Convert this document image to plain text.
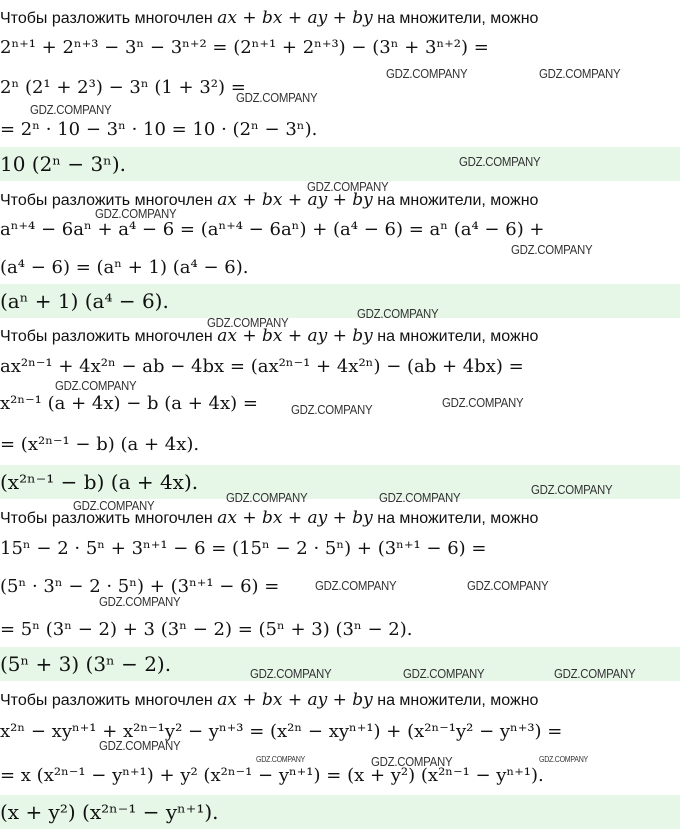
Чтобы разложить многочлен ax + bx + ay + by на множители, можно
2ⁿ⁺¹ + 2ⁿ⁺³ − 3ⁿ − 3ⁿ⁺² = (2ⁿ⁺¹ + 2ⁿ⁺³) − (3ⁿ + 3ⁿ⁺²) =
2ⁿ (2¹ + 2³) − 3ⁿ (1 + 3²) =
= 2ⁿ · 10 − 3ⁿ · 10 = 10 · (2ⁿ − 3ⁿ).
10 (2ⁿ − 3ⁿ).
Чтобы разложить многочлен ax + bx + ay + by на множители, можно
aⁿ⁺⁴ − 6aⁿ + a⁴ − 6 = (aⁿ⁺⁴ − 6aⁿ) + (a⁴ − 6) = aⁿ (a⁴ − 6) +
(a⁴ − 6) = (aⁿ + 1) (a⁴ − 6).
(aⁿ + 1) (a⁴ − 6).
Чтобы разложить многочлен ax + bx + ay + by на множители, можно
ax²ⁿ⁻¹ + 4x²ⁿ − ab − 4bx = (ax²ⁿ⁻¹ + 4x²ⁿ) − (ab + 4bx) =
x²ⁿ⁻¹ (a + 4x) − b (a + 4x) =
= (x²ⁿ⁻¹ − b) (a + 4x).
(x²ⁿ⁻¹ − b) (a + 4x).
Чтобы разложить многочлен ax + bx + ay + by на множители, можно
15ⁿ − 2 · 5ⁿ + 3ⁿ⁺¹ − 6 = (15ⁿ − 2 · 5ⁿ) + (3ⁿ⁺¹ − 6) =
(5ⁿ · 3ⁿ − 2 · 5ⁿ) + (3ⁿ⁺¹ − 6) =
= 5ⁿ (3ⁿ − 2) + 3 (3ⁿ − 2) = (5ⁿ + 3) (3ⁿ − 2).
(5ⁿ + 3) (3ⁿ − 2).
Чтобы разложить многочлен ax + bx + ay + by на множители, можно
x²ⁿ − xyⁿ⁺¹ + x²ⁿ⁻¹y² − yⁿ⁺³ = (x²ⁿ − xyⁿ⁺¹) + (x²ⁿ⁻¹y² − yⁿ⁺³) =
= x (x²ⁿ⁻¹ − yⁿ⁺¹) + y² (x²ⁿ⁻¹ − yⁿ⁺¹) = (x + y²) (x²ⁿ⁻¹ − yⁿ⁺¹).
(x + y²) (x²ⁿ⁻¹ − yⁿ⁺¹).
GDZ.COMPANY	GDZ.COMPANY
GDZ.COMPANY
GDZ.COMPANY
GDZ.COMPANY
GDZ.COMPANY
GDZ.COMPANY
GDZ.COMPANY
GDZ.COMPANY
GDZ.COMPANY
GDZ.COMPANY
GDZ.COMPANY
GDZ.COMPANY
GDZ.COMPANY
GDZ.COMPANY	GDZ.COMPANY
GDZ.COMPANY
GDZ.COMPANY	GDZ.COMPANY
GDZ.COMPANY
GDZ.COMPANY	GDZ.COMPANY	GDZ.COMPANY
GDZ.COMPANY
GDZ.COMPANY
GDZ.COMPANY	GDZ.COMPANY
